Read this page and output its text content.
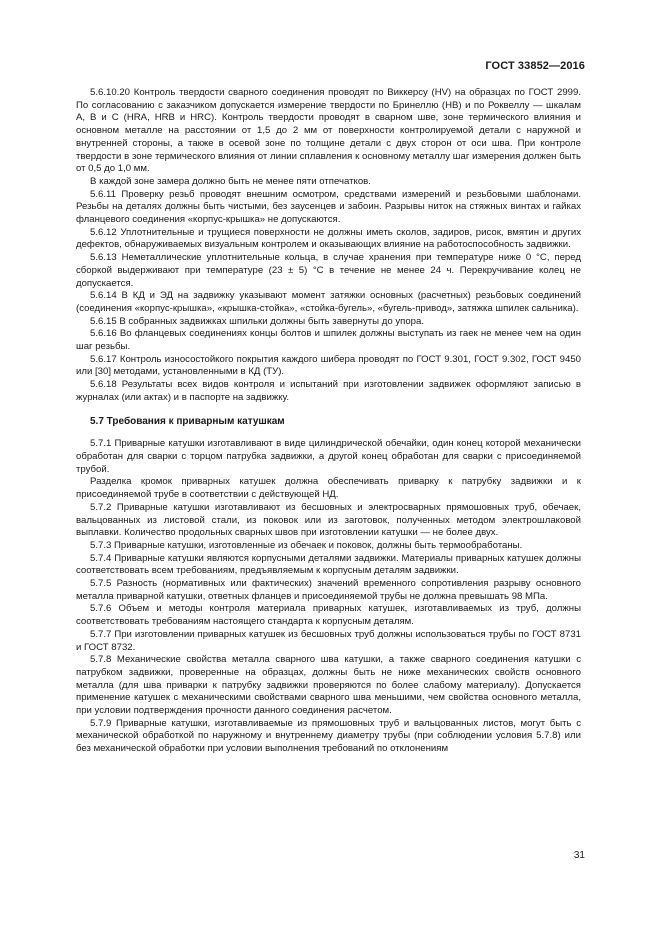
ГОСТ 33852—2016

5.6.10.20 Контроль твердости сварного соединения проводят по Виккерсу (HV) на образцах по ГОСТ 2999. По согласованию с заказчиком допускается измерение твердости по Бринеллю (НВ) и по Роквеллу — шкалам А, В и С (HRA, HRB и HRC). Контроль твердости проводят в сварном шве, зоне термического влияния и основном металле на расстоянии от 1,5 до 2 мм от поверхности контролируемой детали с наружной и внутренней стороны, а также в осевой зоне по толщине детали с двух сторон от оси шва. При контроле твердости в зоне термического влияния от линии сплавления к основному металлу шаг измерения должен быть от 0,5 до 1,0 мм.

В каждой зоне замера должно быть не менее пяти отпечатков.

5.6.11 Проверку резьб проводят внешним осмотром, средствами измерений и резьбовыми шаблонами. Резьбы на деталях должны быть чистыми, без заусенцев и забоин. Разрывы ниток на стяжных винтах и гайках фланцевого соединения «корпус-крышка» не допускаются.

5.6.12 Уплотнительные и трущиеся поверхности не должны иметь сколов, задиров, рисок, вмятин и других дефектов, обнаруживаемых визуальным контролем и оказывающих влияние на работоспособность задвижки.

5.6.13 Неметаллические уплотнительные кольца, в случае хранения при температуре ниже 0 °С, перед сборкой выдерживают при температуре (23 ± 5) °С в течение не менее 24 ч. Перекручивание колец не допускается.

5.6.14 В КД и ЭД на задвижку указывают момент затяжки основных (расчетных) резьбовых соединений (соединения «корпус-крышка», «крышка-стойка», «стойка-бугель», «бугель-привод», затяжка шпилек сальника).

5.6.15 В собранных задвижках шпильки должны быть завернуты до упора.

5.6.16 Во фланцевых соединениях концы болтов и шпилек должны выступать из гаек не менее чем на один шаг резьбы.

5.6.17 Контроль износостойкого покрытия каждого шибера проводят по ГОСТ 9.301, ГОСТ 9.302, ГОСТ 9450 или [30] методами, установленными в КД (ТУ).

5.6.18 Результаты всех видов контроля и испытаний при изготовлении задвижек оформляют записью в журналах (или актах) и в паспорте на задвижку.

5.7 Требования к приварным катушкам

5.7.1 Приварные катушки изготавливают в виде цилиндрической обечайки, один конец которой механически обработан для сварки с торцом патрубка задвижки, а другой конец обработан для сварки с присоединяемой трубой.

Разделка кромок приварных катушек должна обеспечивать приварку к патрубку задвижки и к присоединяемой трубе в соответствии с действующей НД.

5.7.2 Приварные катушки изготавливают из бесшовных и электросварных прямошовных труб, обечаек, вальцованных из листовой стали, из поковок или из заготовок, полученных методом электрошлаковой выплавки. Количество продольных сварных швов при изготовлении катушки — не более двух.

5.7.3 Приварные катушки, изготовленные из обечаек и поковок, должны быть термообработаны.

5.7.4 Приварные катушки являются корпусными деталями задвижки. Материалы приварных катушек должны соответствовать всем требованиям, предъявляемым к корпусным деталям задвижки.

5.7.5 Разность (нормативных или фактических) значений временного сопротивления разрыву основного металла приварной катушки, ответных фланцев и присоединяемой трубы не должна превышать 98 МПа.

5.7.6 Объем и методы контроля материала приварных катушек, изготавливаемых из труб, должны соответствовать требованиям настоящего стандарта к корпусным деталям.

5.7.7 При изготовлении приварных катушек из бесшовных труб должны использоваться трубы по ГОСТ 8731 и ГОСТ 8732.

5.7.8 Механические свойства металла сварного шва катушки, а также сварного соединения катушки с патрубком задвижки, проверенные на образцах, должны быть не ниже механических свойств основного металла (для шва приварки к патрубку задвижки проверяются по более слабому материалу). Допускается применение катушек с механическими свойствами сварного шва меньшими, чем свойства основного металла, при условии подтверждения прочности данного соединения расчетом.

5.7.9 Приварные катушки, изготавливаемые из прямошовных труб и вальцованных листов, могут быть с механической обработкой по наружному и внутреннему диаметру трубы (при соблюдении условия 5.7.8) или без механической обработки при условии выполнения требований по отклонениям

31
